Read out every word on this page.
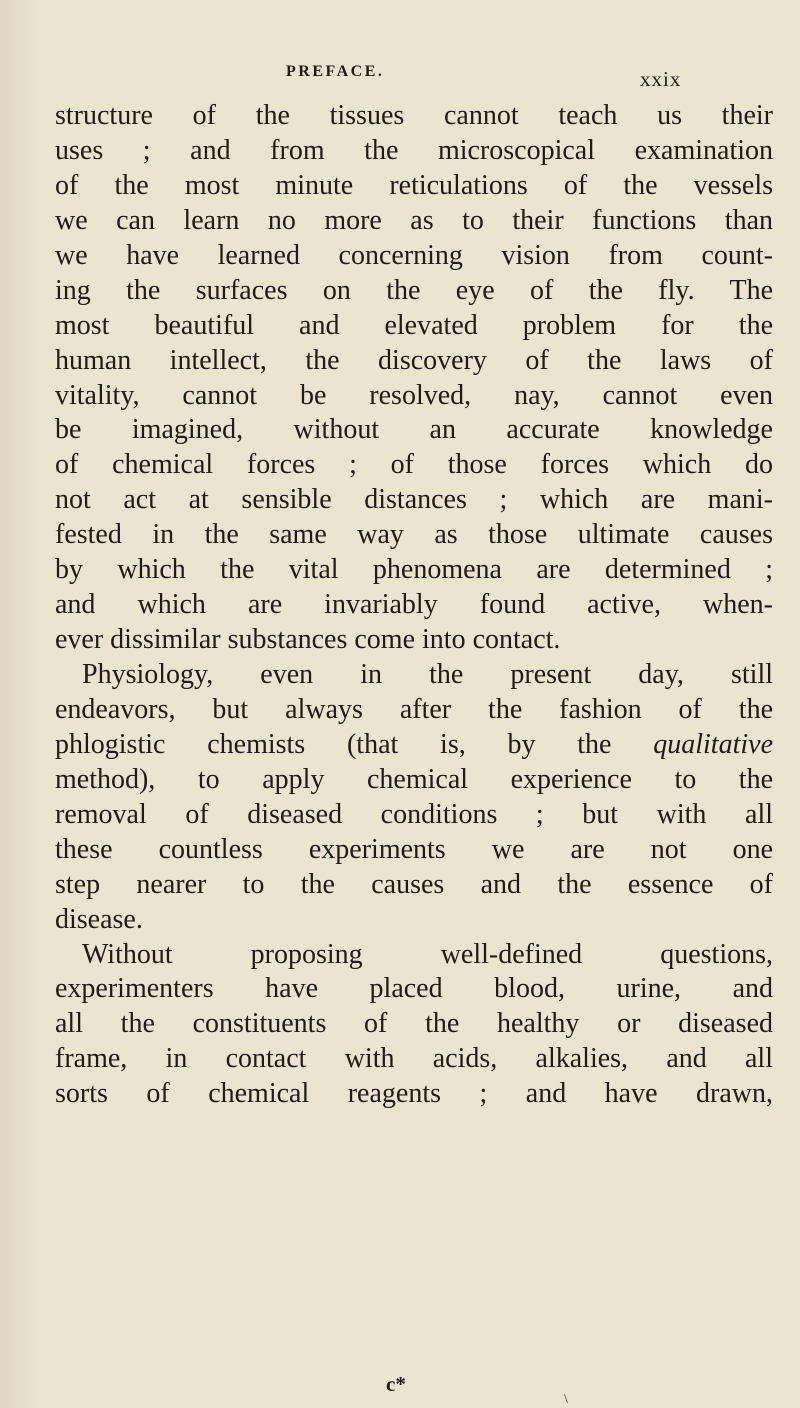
PREFACE.	xxix
structure of the tissues cannot teach us their
uses ; and from the microscopical examination
of the most minute reticulations of the vessels
we can learn no more as to their functions than
we have learned concerning vision from count-
ing the surfaces on the eye of the fly. The
most beautiful and elevated problem for the
human intellect, the discovery of the laws of
vitality, cannot be resolved, nay, cannot even
be imagined, without an accurate knowledge
of chemical forces ; of those forces which do
not act at sensible distances ; which are mani-
fested in the same way as those ultimate causes
by which the vital phenomena are determined ;
and which are invariably found active, when-
ever dissimilar substances come into contact.
Physiology, even in the present day, still
endeavors, but always after the fashion of the
phlogistic chemists (that is, by the qualitative
method), to apply chemical experience to the
removal of diseased conditions ; but with all
these countless experiments we are not one
step nearer to the causes and the essence of
disease.
Without proposing well-defined questions,
experimenters have placed blood, urine, and
all the constituents of the healthy or diseased
frame, in contact with acids, alkalies, and all
sorts of chemical reagents ; and have drawn,
c*
\
